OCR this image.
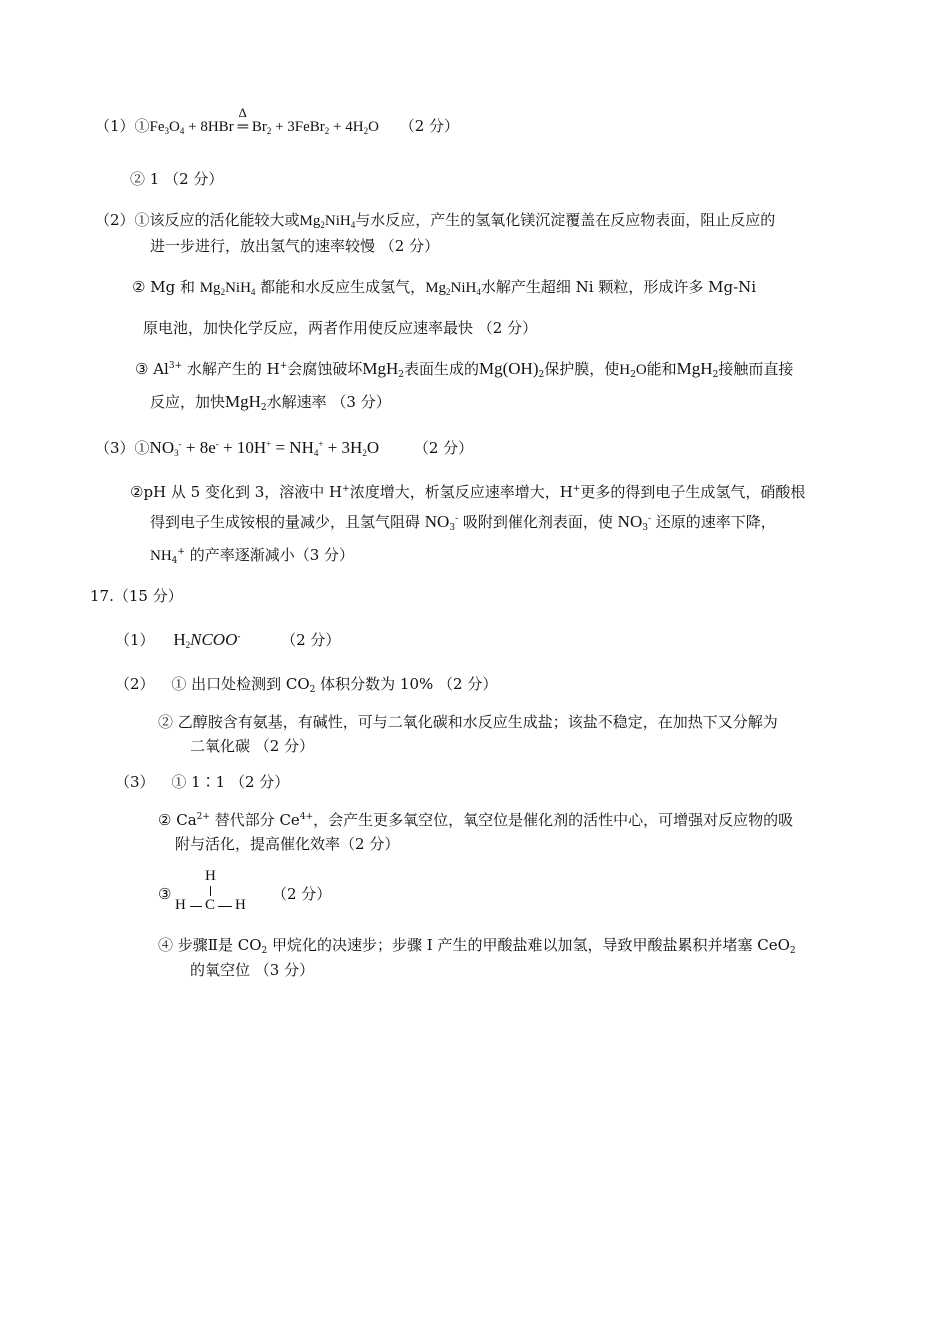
$(1)①Fe_3O_4 + 8HBr$
Δ
═ $Br_2$ + 3FeBr$_2$ + $4H_2O$ （2 分）
② 1 （2 分）
（2）①该反应的活化能较大或$Mg_2NiH_4$与水反应，产生的氢氧化镁沉淀覆盖在反应物表面，阻止反应的
进一步进行，放出氢气的速率较慢 （2 分）
② Mg 和 $Mg_2NiH_4$ 都能和水反应生成氢气，$Mg_2NiH_4$水解产生超细 Ni 颗粒，形成许多 Mg-Ni
原电池，加快化学反应，两者作用使反应速率最快 （2 分）
③ $Al^{3+}$ 水解产生的 H+会腐蚀破坏MgH$_2$表面生成的$Mg(OH)_2$保护膜，使$H_2O$能和MgH$_2$接触而直接
反应，加快MgH$_2$水解速率 （3 分）
$(3)①NO_3^- + 8e^- + 10H^+ = NH_4^+ + 3H_2O$ （2 分）
②pH 从 5 变化到 3，溶液中 H+浓度增大，析氢反应速率增大，H+更多的得到电子生成氢气，硝酸根
得到电子生成铵根的量减少，且氢气阻碍 $NO_3^-$ 吸附到催化剂表面，使 $NO_3^-$ 还原的速率下降，
$NH_4^+$ 的产率逐渐减小（3 分）
17.（15 分）
（1） $H_2NCOO^-$	（2 分）
（2） ① 出口处检测到 $CO_2$ 体积分数为 10% （2 分）
② 乙醇胺含有氨基，有碱性，可与二氧化碳和水反应生成盐；该盐不稳定，在加热下又分解为
二氧化碳 （2 分）
（3） ① 1∶1 （2 分）
② $Ca^{2+}$ 替代部分 $Ce^{4+}$，会产生更多氧空位，氧空位是催化剂的活性中心，可增强对反应物的吸
附与活化，提高催化效率（2 分）
③
H
H C H
（2 分）
④ 步骤Ⅱ是 $CO_2$ 甲烷化的决速步；步骤 I 产生的甲酸盐难以加氢，导致甲酸盐累积并堵塞 CeO$_2$
的氧空位 （3 分）
